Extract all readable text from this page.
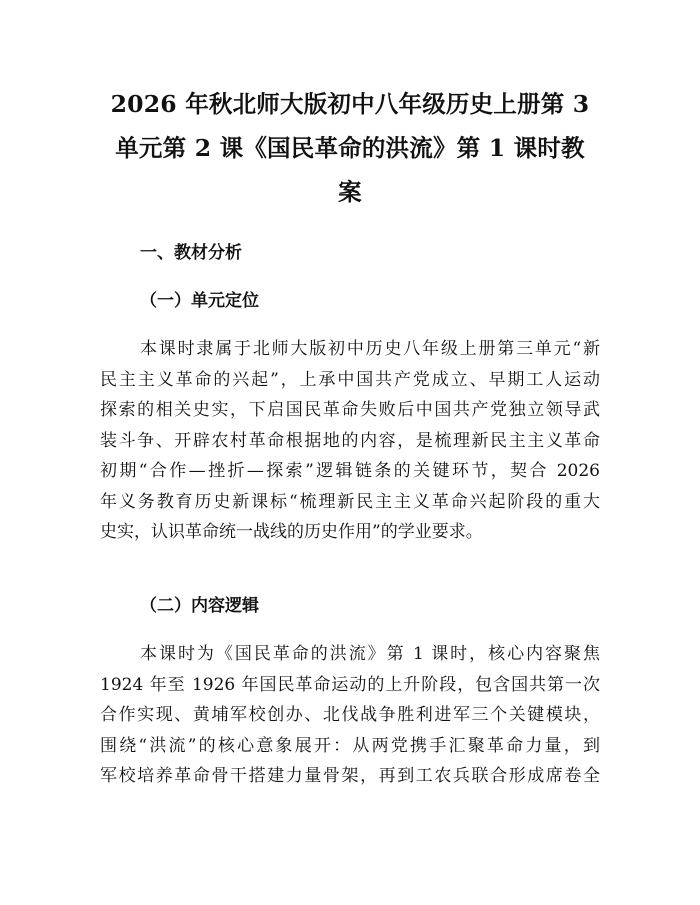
2026 年秋北师大版初中八年级历史上册第 3
单元第 2 课《国民革命的洪流》第 1 课时教
案
一、教材分析
（一）单元定位

本课时隶属于北师大版初中历史八年级上册第三单元“新
民主主义革命的兴起”，上承中国共产党成立、早期工人运动
探索的相关史实，下启国民革命失败后中国共产党独立领导武
装斗争、开辟农村革命根据地的内容，是梳理新民主主义革命
初期“合作—挫折—探索”逻辑链条的关键环节，契合 2026
年义务教育历史新课标“梳理新民主主义革命兴起阶段的重大
史实，认识革命统一战线的历史作用”的学业要求。

（二）内容逻辑

本课时为《国民革命的洪流》第 1 课时，核心内容聚焦
1924 年至 1926 年国民革命运动的上升阶段，包含国共第一次
合作实现、黄埔军校创办、北伐战争胜利进军三个关键模块，
围绕“洪流”的核心意象展开：从两党携手汇聚革命力量，到
军校培养革命骨干搭建力量骨架，再到工农兵联合形成席卷全
